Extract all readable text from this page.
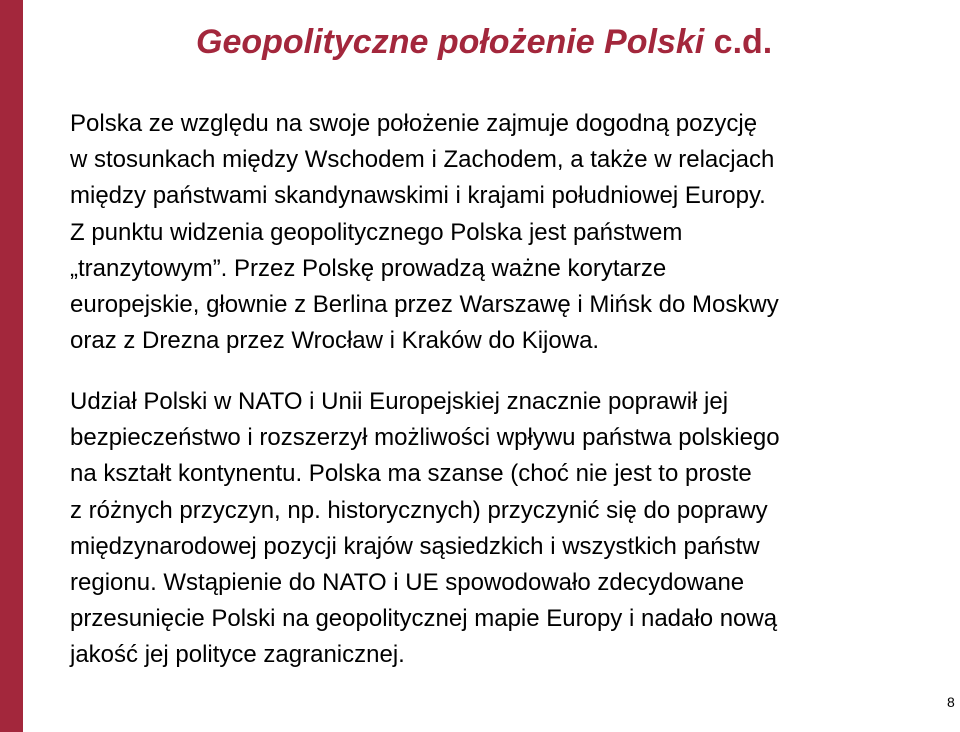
Geopolityczne położenie Polski c.d.

Polska ze względu na swoje położenie zajmuje dogodną pozycję
w stosunkach między Wschodem i Zachodem, a także w relacjach
między państwami skandynawskimi i krajami południowej Europy.
Z punktu widzenia geopolitycznego Polska jest państwem
„tranzytowym”. Przez Polskę prowadzą ważne korytarze
europejskie, głownie z Berlina przez Warszawę i Mińsk do Moskwy
oraz z Drezna przez Wrocław i Kraków do Kijowa.

Udział Polski w NATO i Unii Europejskiej znacznie poprawił jej
bezpieczeństwo i rozszerzył możliwości wpływu państwa polskiego
na kształt kontynentu. Polska ma szanse (choć nie jest to proste
z różnych przyczyn, np. historycznych) przyczynić się do poprawy
międzynarodowej pozycji krajów sąsiedzkich i wszystkich państw
regionu. Wstąpienie do NATO i UE spowodowało zdecydowane
przesunięcie Polski na geopolitycznej mapie Europy i nadało nową
jakość jej polityce zagranicznej.

8
